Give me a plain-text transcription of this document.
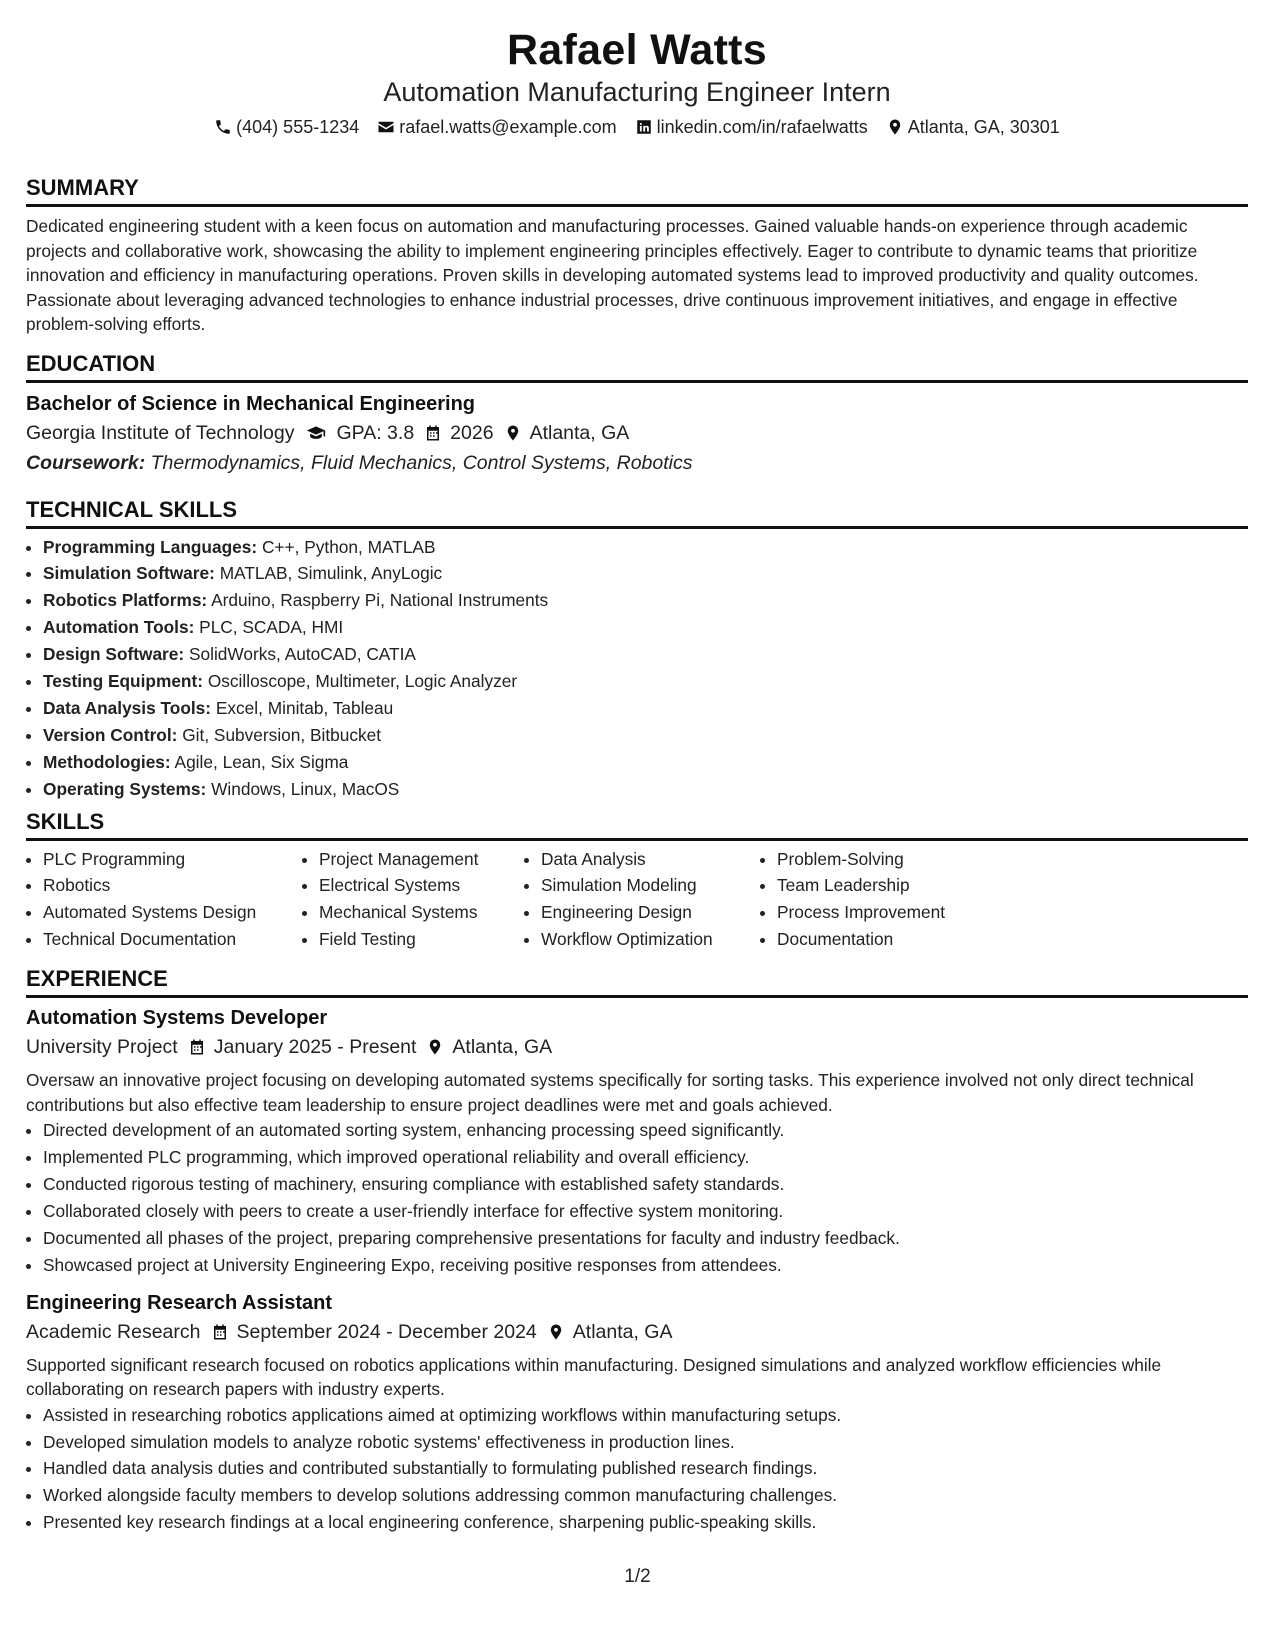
Rafael Watts
Automation Manufacturing Engineer Intern
(404) 555-1234 rafael.watts@example.com linkedin.com/in/rafaelwatts Atlanta, GA, 30301
SUMMARY

Dedicated engineering student with a keen focus on automation and manufacturing processes. Gained valuable hands-on experience through academic projects and collaborative work, showcasing the ability to implement engineering principles effectively. Eager to contribute to dynamic teams that prioritize innovation and efficiency in manufacturing operations. Proven skills in developing automated systems lead to improved productivity and quality outcomes. Passionate about leveraging advanced technologies to enhance industrial processes, drive continuous improvement initiatives, and engage in effective problem-solving efforts.

EDUCATION
Bachelor of Science in Mechanical Engineering
Georgia Institute of Technology GPA: 3.8 2026 Atlanta, GA
Coursework: Thermodynamics, Fluid Mechanics, Control Systems, Robotics
TECHNICAL SKILLS
• Programming Languages: C++, Python, MATLAB
• Simulation Software: MATLAB, Simulink, AnyLogic
• Robotics Platforms: Arduino, Raspberry Pi, National Instruments
• Automation Tools: PLC, SCADA, HMI
• Design Software: SolidWorks, AutoCAD, CATIA
• Testing Equipment: Oscilloscope, Multimeter, Logic Analyzer
• Data Analysis Tools: Excel, Minitab, Tableau
• Version Control: Git, Subversion, Bitbucket
• Methodologies: Agile, Lean, Six Sigma
• Operating Systems: Windows, Linux, MacOS
SKILLS
• PLC Programming
• Robotics
• Automated Systems Design
• Technical Documentation
• Project Management
• Electrical Systems
• Mechanical Systems
• Field Testing
• Data Analysis
• Simulation Modeling
• Engineering Design
• Workflow Optimization
• Problem-Solving
• Team Leadership
• Process Improvement
• Documentation
EXPERIENCE
Automation Systems Developer
University Project January 2025 - Present Atlanta, GA

Oversaw an innovative project focusing on developing automated systems specifically for sorting tasks. This experience involved not only direct technical contributions but also effective team leadership to ensure project deadlines were met and goals achieved.

• Directed development of an automated sorting system, enhancing processing speed significantly.
• Implemented PLC programming, which improved operational reliability and overall efficiency.
• Conducted rigorous testing of machinery, ensuring compliance with established safety standards.
• Collaborated closely with peers to create a user-friendly interface for effective system monitoring.
• Documented all phases of the project, preparing comprehensive presentations for faculty and industry feedback.
• Showcased project at University Engineering Expo, receiving positive responses from attendees.
Engineering Research Assistant
Academic Research September 2024 - December 2024 Atlanta, GA

Supported significant research focused on robotics applications within manufacturing. Designed simulations and analyzed workflow efficiencies while collaborating on research papers with industry experts.

• Assisted in researching robotics applications aimed at optimizing workflows within manufacturing setups.
• Developed simulation models to analyze robotic systems' effectiveness in production lines.
• Handled data analysis duties and contributed substantially to formulating published research findings.
• Worked alongside faculty members to develop solutions addressing common manufacturing challenges.
• Presented key research findings at a local engineering conference, sharpening public-speaking skills.
1/2
